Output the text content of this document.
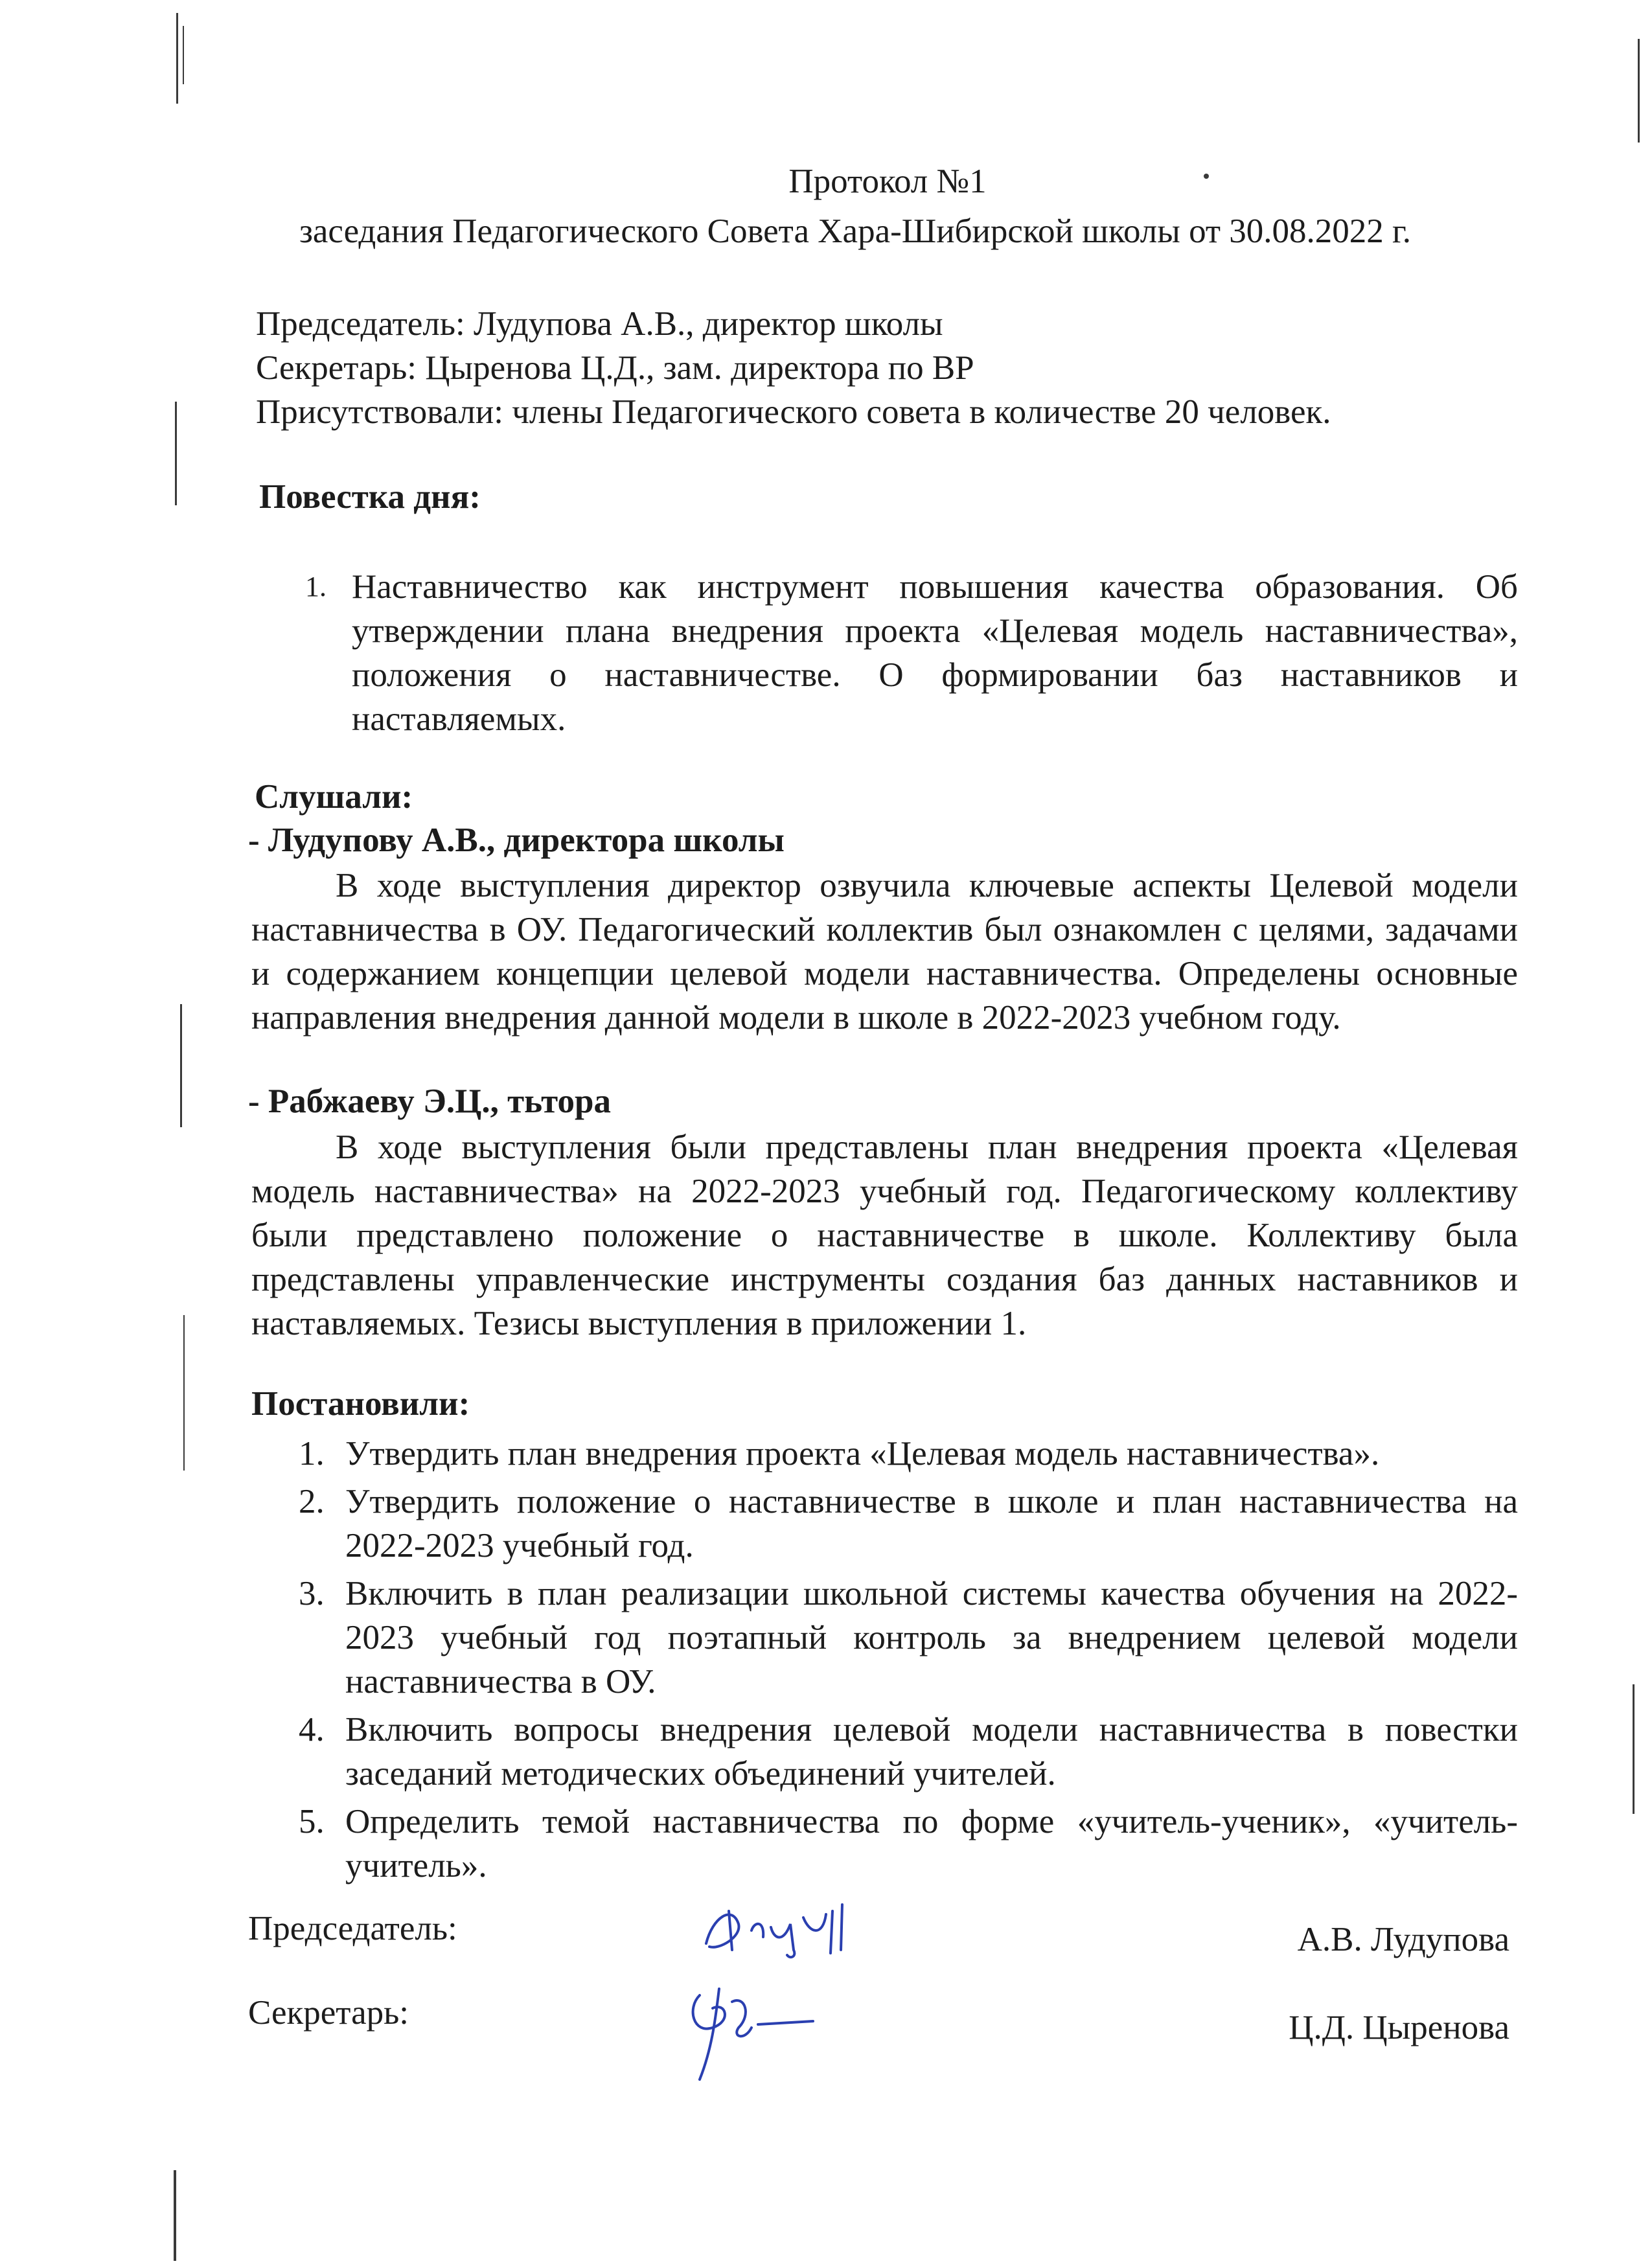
Протокол №1
заседания Педагогического Совета Хара-Шибирской школы от 30.08.2022 г.
Председатель: Лудупова А.В., директор школы
Секретарь: Цыренова Ц.Д., зам. директора по ВР
Присутствовали: члены Педагогического совета в количестве 20 человек.
Повестка дня:
1. Наставничество как инструмент повышения качества образования. Об утверждении плана внедрения проекта «Целевая модель наставничества», положения о наставничестве. О формировании баз наставников и наставляемых.
Слушали:
- Лудупову А.В., директора школы

В ходе выступления директор озвучила ключевые аспекты Целевой модели наставничества в ОУ. Педагогический коллектив был ознакомлен с целями, задачами и содержанием концепции целевой модели наставничества. Определены основные направления внедрения данной модели в школе в 2022-2023 учебном году.

- Рабжаеву Э.Ц., тьтора

В ходе выступления были представлены план внедрения проекта «Целевая модель наставничества» на 2022-2023 учебный год. Педагогическому коллективу были представлено положение о наставничестве в школе. Коллективу была представлены управленческие инструменты создания баз данных наставников и наставляемых. Тезисы выступления в приложении 1.

Постановили:
1. Утвердить план внедрения проекта «Целевая модель наставничества».
2. Утвердить положение о наставничестве в школе и план наставничества на 2022-2023 учебный год.
3. Включить в план реализации школьной системы качества обучения на 2022-2023 учебный год поэтапный контроль за внедрением целевой модели наставничества в ОУ.
4. Включить вопросы внедрения целевой модели наставничества в повестки заседаний методических объединений учителей.
5. Определить темой наставничества по форме «учитель-ученик», «учитель-учитель».
Председатель:	А.В. Лудупова
Секретарь:	Ц.Д. Цыренова
